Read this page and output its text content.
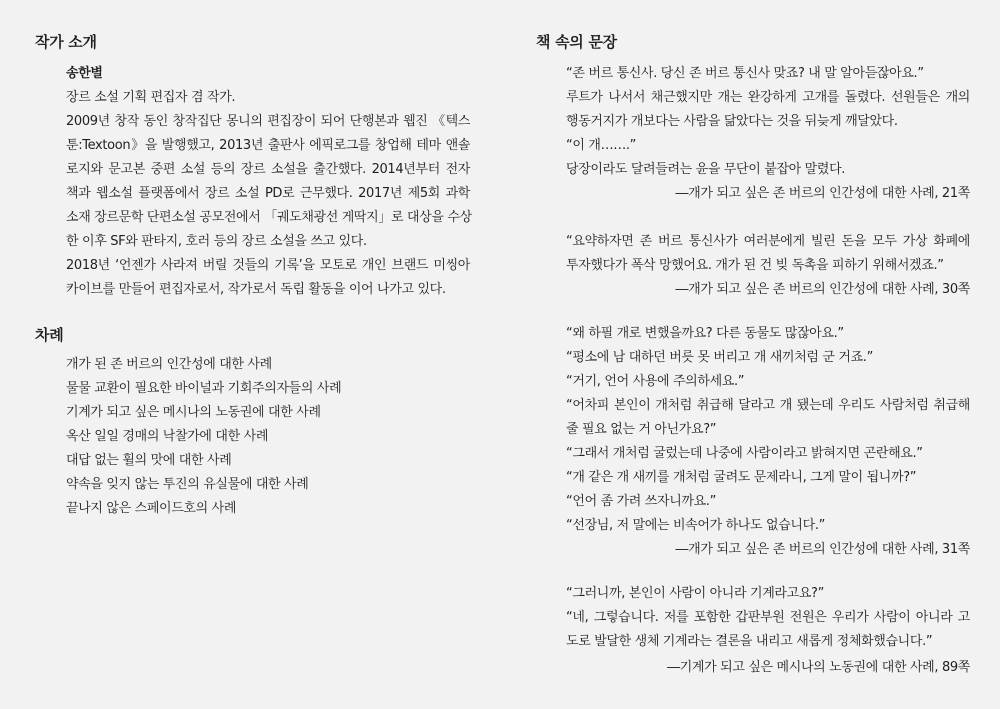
작가 소개
송한별
장르 소설 기획 편집자 겸 작가.
2009년 창작 동인 창작집단 몽니의 편집장이 되어 단행본과 웹진 《텍스
툰:Textoon》을 발행했고, 2013년 출판사 에픽로그를 창업해 테마 앤솔
로지와 문고본 중편 소설 등의 장르 소설을 출간했다. 2014년부터 전자
책과 웹소설 플랫폼에서 장르 소설 PD로 근무했다. 2017년 제5회 과학
소재 장르문학 단편소설 공모전에서 「궤도채광선 게딱지」로 대상을 수상
한 이후 SF와 판타지, 호러 등의 장르 소설을 쓰고 있다.
2018년 ‘언젠가 사라져 버릴 것들의 기록’을 모토로 개인 브랜드 미씽아
카이브를 만들어 편집자로서, 작가로서 독립 활동을 이어 나가고 있다.
차례
개가 된 존 버르의 인간성에 대한 사례
물물 교환이 필요한 바이널과 기회주의자들의 사례
기계가 되고 싶은 메시나의 노동권에 대한 사례
옥산 일일 경매의 낙찰가에 대한 사례
대답 없는 휠의 맛에 대한 사례
약속을 잊지 않는 투진의 유실물에 대한 사례
끝나지 않은 스페이드호의 사례
책 속의 문장
“존 버르 통신사. 당신 존 버르 통신사 맞죠? 내 말 알아듣잖아요.”
루트가 나서서 채근했지만 개는 완강하게 고개를 돌렸다. 선원들은 개의
행동거지가 개보다는 사람을 닮았다는 것을 뒤늦게 깨달았다.
“이 개…….”
당장이라도 달려들려는 윤을 무단이 붙잡아 말렸다.
―개가 되고 싶은 존 버르의 인간성에 대한 사례, 21쪽
“요약하자면 존 버르 통신사가 여러분에게 빌린 돈을 모두 가상 화폐에
투자했다가 폭삭 망했어요. 개가 된 건 빚 독촉을 피하기 위해서겠죠.”
―개가 되고 싶은 존 버르의 인간성에 대한 사례, 30쪽
“왜 하필 개로 변했을까요? 다른 동물도 많잖아요.”
“평소에 남 대하던 버릇 못 버리고 개 새끼처럼 군 거죠.”
“거기, 언어 사용에 주의하세요.”
“어차피 본인이 개처럼 취급해 달라고 개 됐는데 우리도 사람처럼 취급해
줄 필요 없는 거 아닌가요?”
“그래서 개처럼 굴렀는데 나중에 사람이라고 밝혀지면 곤란해요.”
“개 같은 개 새끼를 개처럼 굴려도 문제라니, 그게 말이 됩니까?”
“언어 좀 가려 쓰자니까요.”
“선장님, 저 말에는 비속어가 하나도 없습니다.”
―개가 되고 싶은 존 버르의 인간성에 대한 사례, 31쪽
“그러니까, 본인이 사람이 아니라 기계라고요?”
“네, 그렇습니다. 저를 포함한 갑판부원 전원은 우리가 사람이 아니라 고
도로 발달한 생체 기계라는 결론을 내리고 새롭게 정체화했습니다.”
―기계가 되고 싶은 메시나의 노동권에 대한 사례, 89쪽
